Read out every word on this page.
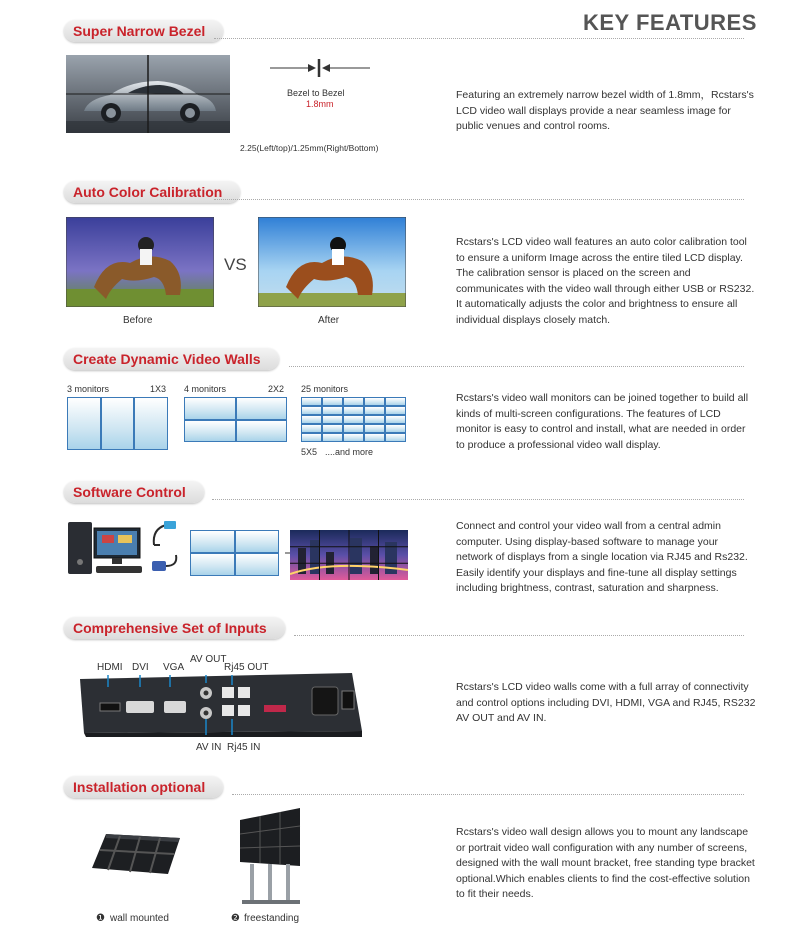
KEY FEATURES
Super Narrow Bezel
Bezel to Bezel
1.8mm
2.25(Left/top)/1.25mm(Right/Bottom)
Featuring an extremely narrow bezel width of 1.8mm，Rcstars's LCD video wall displays provide a near seamless image for public venues and control rooms.
Auto Color Calibration
VS
Before	After
Rcstars's LCD video wall features an auto color calibration tool to ensure a uniform Image across the entire tiled LCD display. The calibration sensor is placed on the screen and communicates with the video wall through either USB or RS232. It automatically adjusts the color and brightness to ensure all individual displays closely match.
Create Dynamic Video Walls
3 monitors	1X3 4 monitors	2X2 25 monitors
5X5 ....and more
Rcstars's video wall monitors can be joined together to build all kinds of multi-screen configurations. The features of LCD monitor is easy to control and install, what are needed in order to produce a professional video wall display.
Software Control
Connect and control your video wall from a central admin computer. Using display-based software to manage your network of displays from a single location via RJ45 and Rs232. Easily identify your displays and fine-tune all display settings including brightness, contrast, saturation and sharpness.
Comprehensive Set of Inputs
HDMI DVI VGA
AV OUT
Rj45 OUT
AV IN Rj45 IN
Rcstars's LCD video walls come with a full array of connectivity and control options including DVI, HDMI, VGA and RJ45, RS232 AV OUT and AV IN.
Installation optional
❶ wall mounted	❷ freestanding
Rcstars's video wall design allows you to mount any landscape or portrait video wall configuration with any number of screens, designed with the wall mount bracket, free standing type bracket optional.Which enables clients to find the cost-effective solution to fit their needs.
